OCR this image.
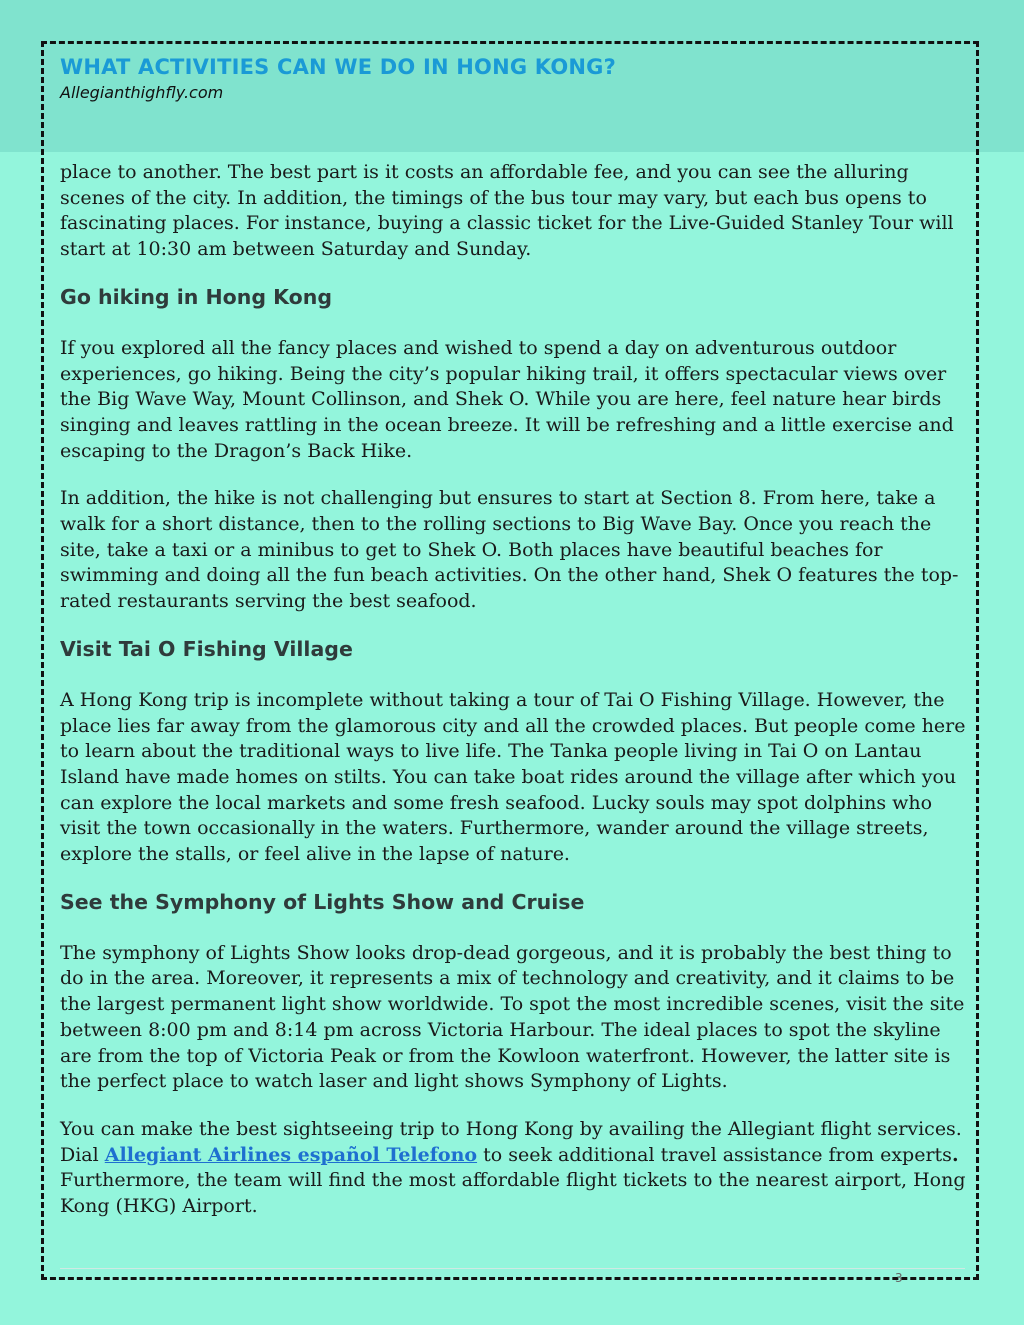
WHAT ACTIVITIES CAN WE DO IN HONG KONG?
Allegianthighfly.com

place to another. The best part is it costs an affordable fee, and you can see the alluring scenes of the city. In addition, the timings of the bus tour may vary, but each bus opens to fascinating places. For instance, buying a classic ticket for the Live-Guided Stanley Tour will start at 10:30 am between Saturday and Sunday.

Go hiking in Hong Kong

If you explored all the fancy places and wished to spend a day on adventurous outdoor experiences, go hiking. Being the city’s popular hiking trail, it offers spectacular views over the Big Wave Way, Mount Collinson, and Shek O. While you are here, feel nature hear birds singing and leaves rattling in the ocean breeze. It will be refreshing and a little exercise and escaping to the Dragon’s Back Hike.

In addition, the hike is not challenging but ensures to start at Section 8. From here, take a walk for a short distance, then to the rolling sections to Big Wave Bay. Once you reach the site, take a taxi or a minibus to get to Shek O. Both places have beautiful beaches for swimming and doing all the fun beach activities. On the other hand, Shek O features the top-rated restaurants serving the best seafood.

Visit Tai O Fishing Village

A Hong Kong trip is incomplete without taking a tour of Tai O Fishing Village. However, the place lies far away from the glamorous city and all the crowded places. But people come here to learn about the traditional ways to live life. The Tanka people living in Tai O on Lantau Island have made homes on stilts. You can take boat rides around the village after which you can explore the local markets and some fresh seafood. Lucky souls may spot dolphins who visit the town occasionally in the waters. Furthermore, wander around the village streets, explore the stalls, or feel alive in the lapse of nature.

See the Symphony of Lights Show and Cruise

The symphony of Lights Show looks drop-dead gorgeous, and it is probably the best thing to do in the area. Moreover, it represents a mix of technology and creativity, and it claims to be the largest permanent light show worldwide. To spot the most incredible scenes, visit the site between 8:00 pm and 8:14 pm across Victoria Harbour. The ideal places to spot the skyline are from the top of Victoria Peak or from the Kowloon waterfront. However, the latter site is the perfect place to watch laser and light shows Symphony of Lights.

You can make the best sightseeing trip to Hong Kong by availing the Allegiant flight services. Dial Allegiant Airlines español Telefono to seek additional travel assistance from experts. Furthermore, the team will find the most affordable flight tickets to the nearest airport, Hong Kong (HKG) Airport.

3
